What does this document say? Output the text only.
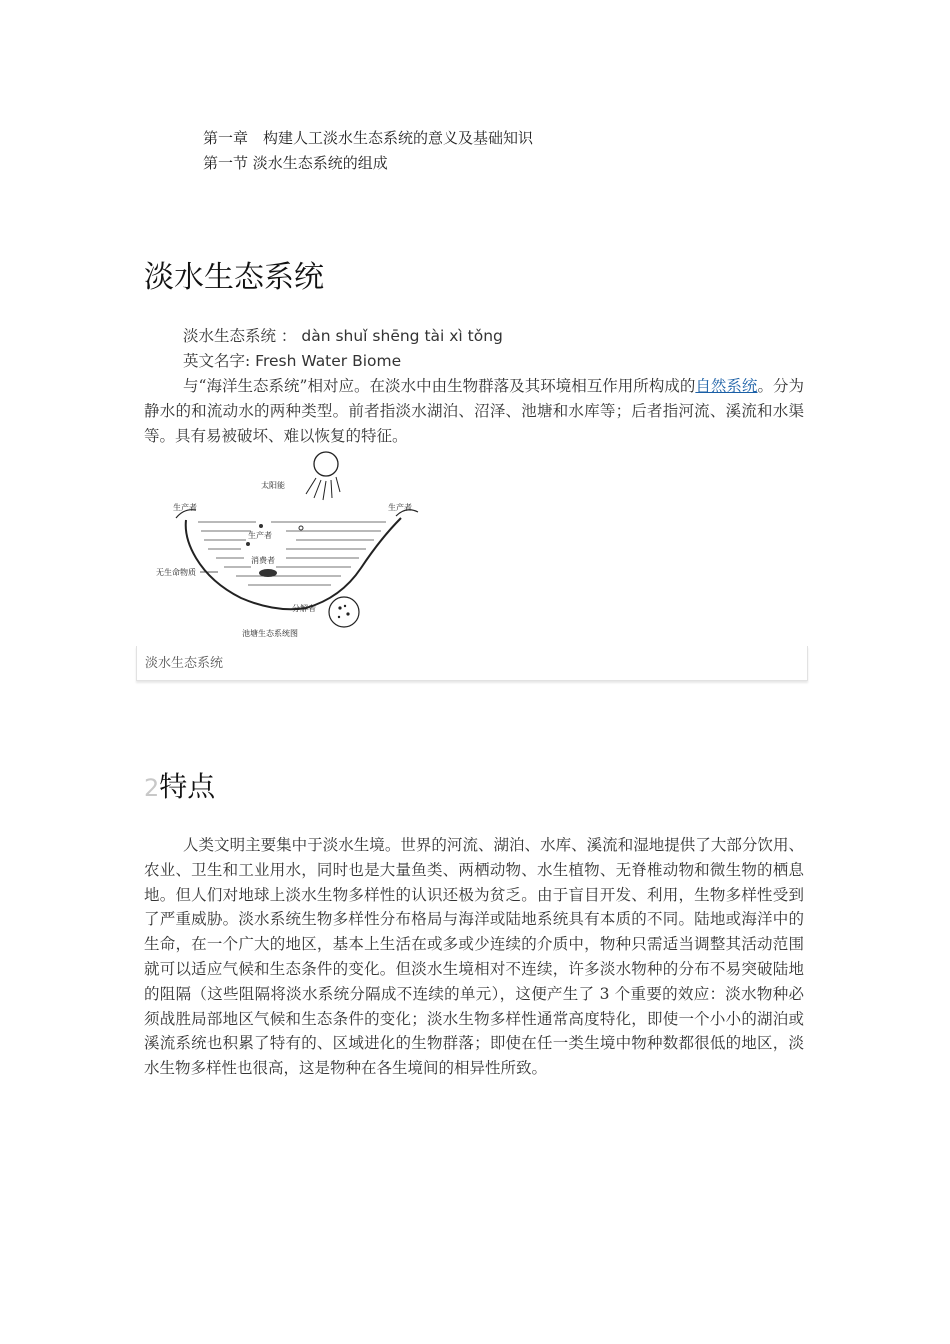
第一章　构建人工淡水生态系统的意义及基础知识
第一节 淡水生态系统的组成
淡水生态系统
淡水生态系统 ： dàn shuǐ shēng tài xì tǒng
英文名字: Fresh Water Biome
与“海洋生态系统”相对应。在淡水中由生物群落及其环境相互作用所构成的自然系统。分为静水的和流动水的两种类型。前者指淡水湖泊、沼泽、池塘和水库等；后者指河流、溪流和水渠等。具有易被破坏、难以恢复的特征。
太阳能
生产者	生产者
生产者
消费者
无生命物质
分解者
池塘生态系统图
淡水生态系统
2特点
人类文明主要集中于淡水生境。世界的河流、湖泊、水库、溪流和湿地提供了大部分饮用、农业、卫生和工业用水，同时也是大量鱼类、两栖动物、水生植物、无脊椎动物和微生物的栖息地。但人们对地球上淡水生物多样性的认识还极为贫乏。由于盲目开发、利用，生物多样性受到了严重威胁。淡水系统生物多样性分布格局与海洋或陆地系统具有本质的不同。陆地或海洋中的生命，在一个广大的地区，基本上生活在或多或少连续的介质中，物种只需适当调整其活动范围就可以适应气候和生态条件的变化。但淡水生境相对不连续，许多淡水物种的分布不易突破陆地的阻隔（这些阻隔将淡水系统分隔成不连续的单元），这便产生了 3 个重要的效应：淡水物种必须战胜局部地区气候和生态条件的变化；淡水生物多样性通常高度特化，即使一个小小的湖泊或溪流系统也积累了特有的、区域进化的生物群落；即使在任一类生境中物种数都很低的地区，淡水生物多样性也很高，这是物种在各生境间的相异性所致。
